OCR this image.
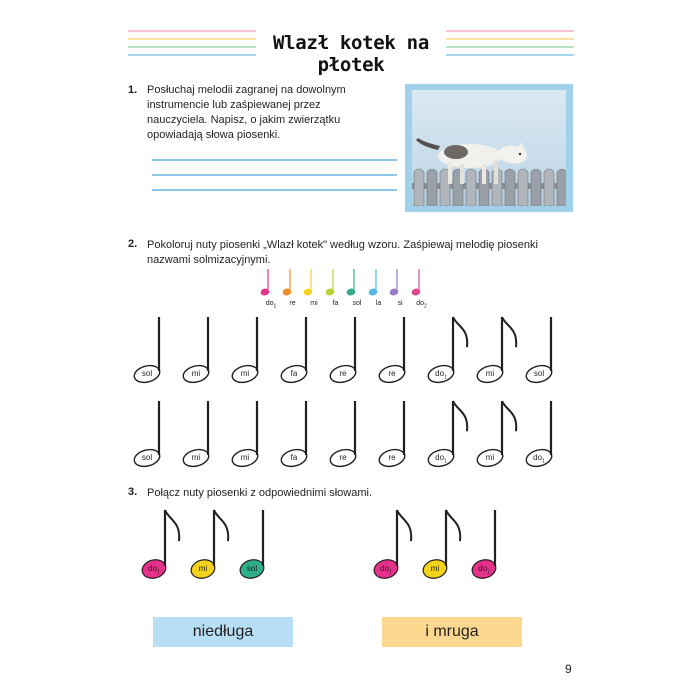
Wlazł kotek na płotek
1. Posłuchaj melodii zagranej na dowolnym
instrumencie lub zaśpiewanej przez
nauczyciela. Napisz, o jakim zwierzątku
opowiadają słowa piosenki.
2. Pokoloruj nuty piosenki „Wlazł kotek" według wzoru. Zaśpiewaj melodię piosenki
nazwami solmizacyjnymi.
$do_1$	re	mi	fa	sol	la	si	$do_2$
sol	mi	mi	fa	re	re	$do_1$	mi	sol
sol	mi	mi	fa	re	re	$do_1$	mi	$do_1$
3. Połącz nuty piosenki z odpowiednimi słowami.
$do_1$	mi	sol	$do_1$	mi	$do_1$
niedługa	i mruga
9
